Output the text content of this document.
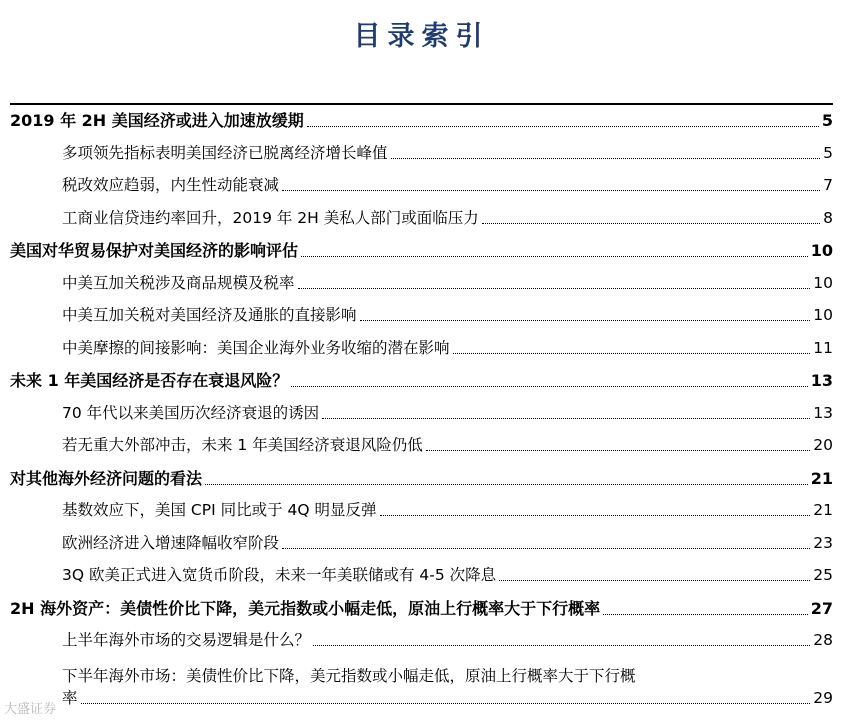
目录索引
2019 年 2H 美国经济或进入加速放缓期	5
多项领先指标表明美国经济已脱离经济增长峰值	5
税改效应趋弱，内生性动能衰减	7
工商业信贷违约率回升，2019 年 2H 美私人部门或面临压力	8
美国对华贸易保护对美国经济的影响评估	10
中美互加关税涉及商品规模及税率	10
中美互加关税对美国经济及通胀的直接影响	10
中美摩擦的间接影响：美国企业海外业务收缩的潜在影响	11
未来 1 年美国经济是否存在衰退风险？	13
70 年代以来美国历次经济衰退的诱因	13
若无重大外部冲击，未来 1 年美国经济衰退风险仍低	20
对其他海外经济问题的看法	21
基数效应下，美国 CPI 同比或于 4Q 明显反弹	21
欧洲经济进入增速降幅收窄阶段	23
3Q 欧美正式进入宽货币阶段，未来一年美联储或有 4-5 次降息	25
2H 海外资产：美债性价比下降，美元指数或小幅走低，原油上行概率大于下行概率	27
上半年海外市场的交易逻辑是什么？	28
下半年海外市场：美债性价比下降，美元指数或小幅走低，原油上行概率大于下行概
率	29
大盛证券
